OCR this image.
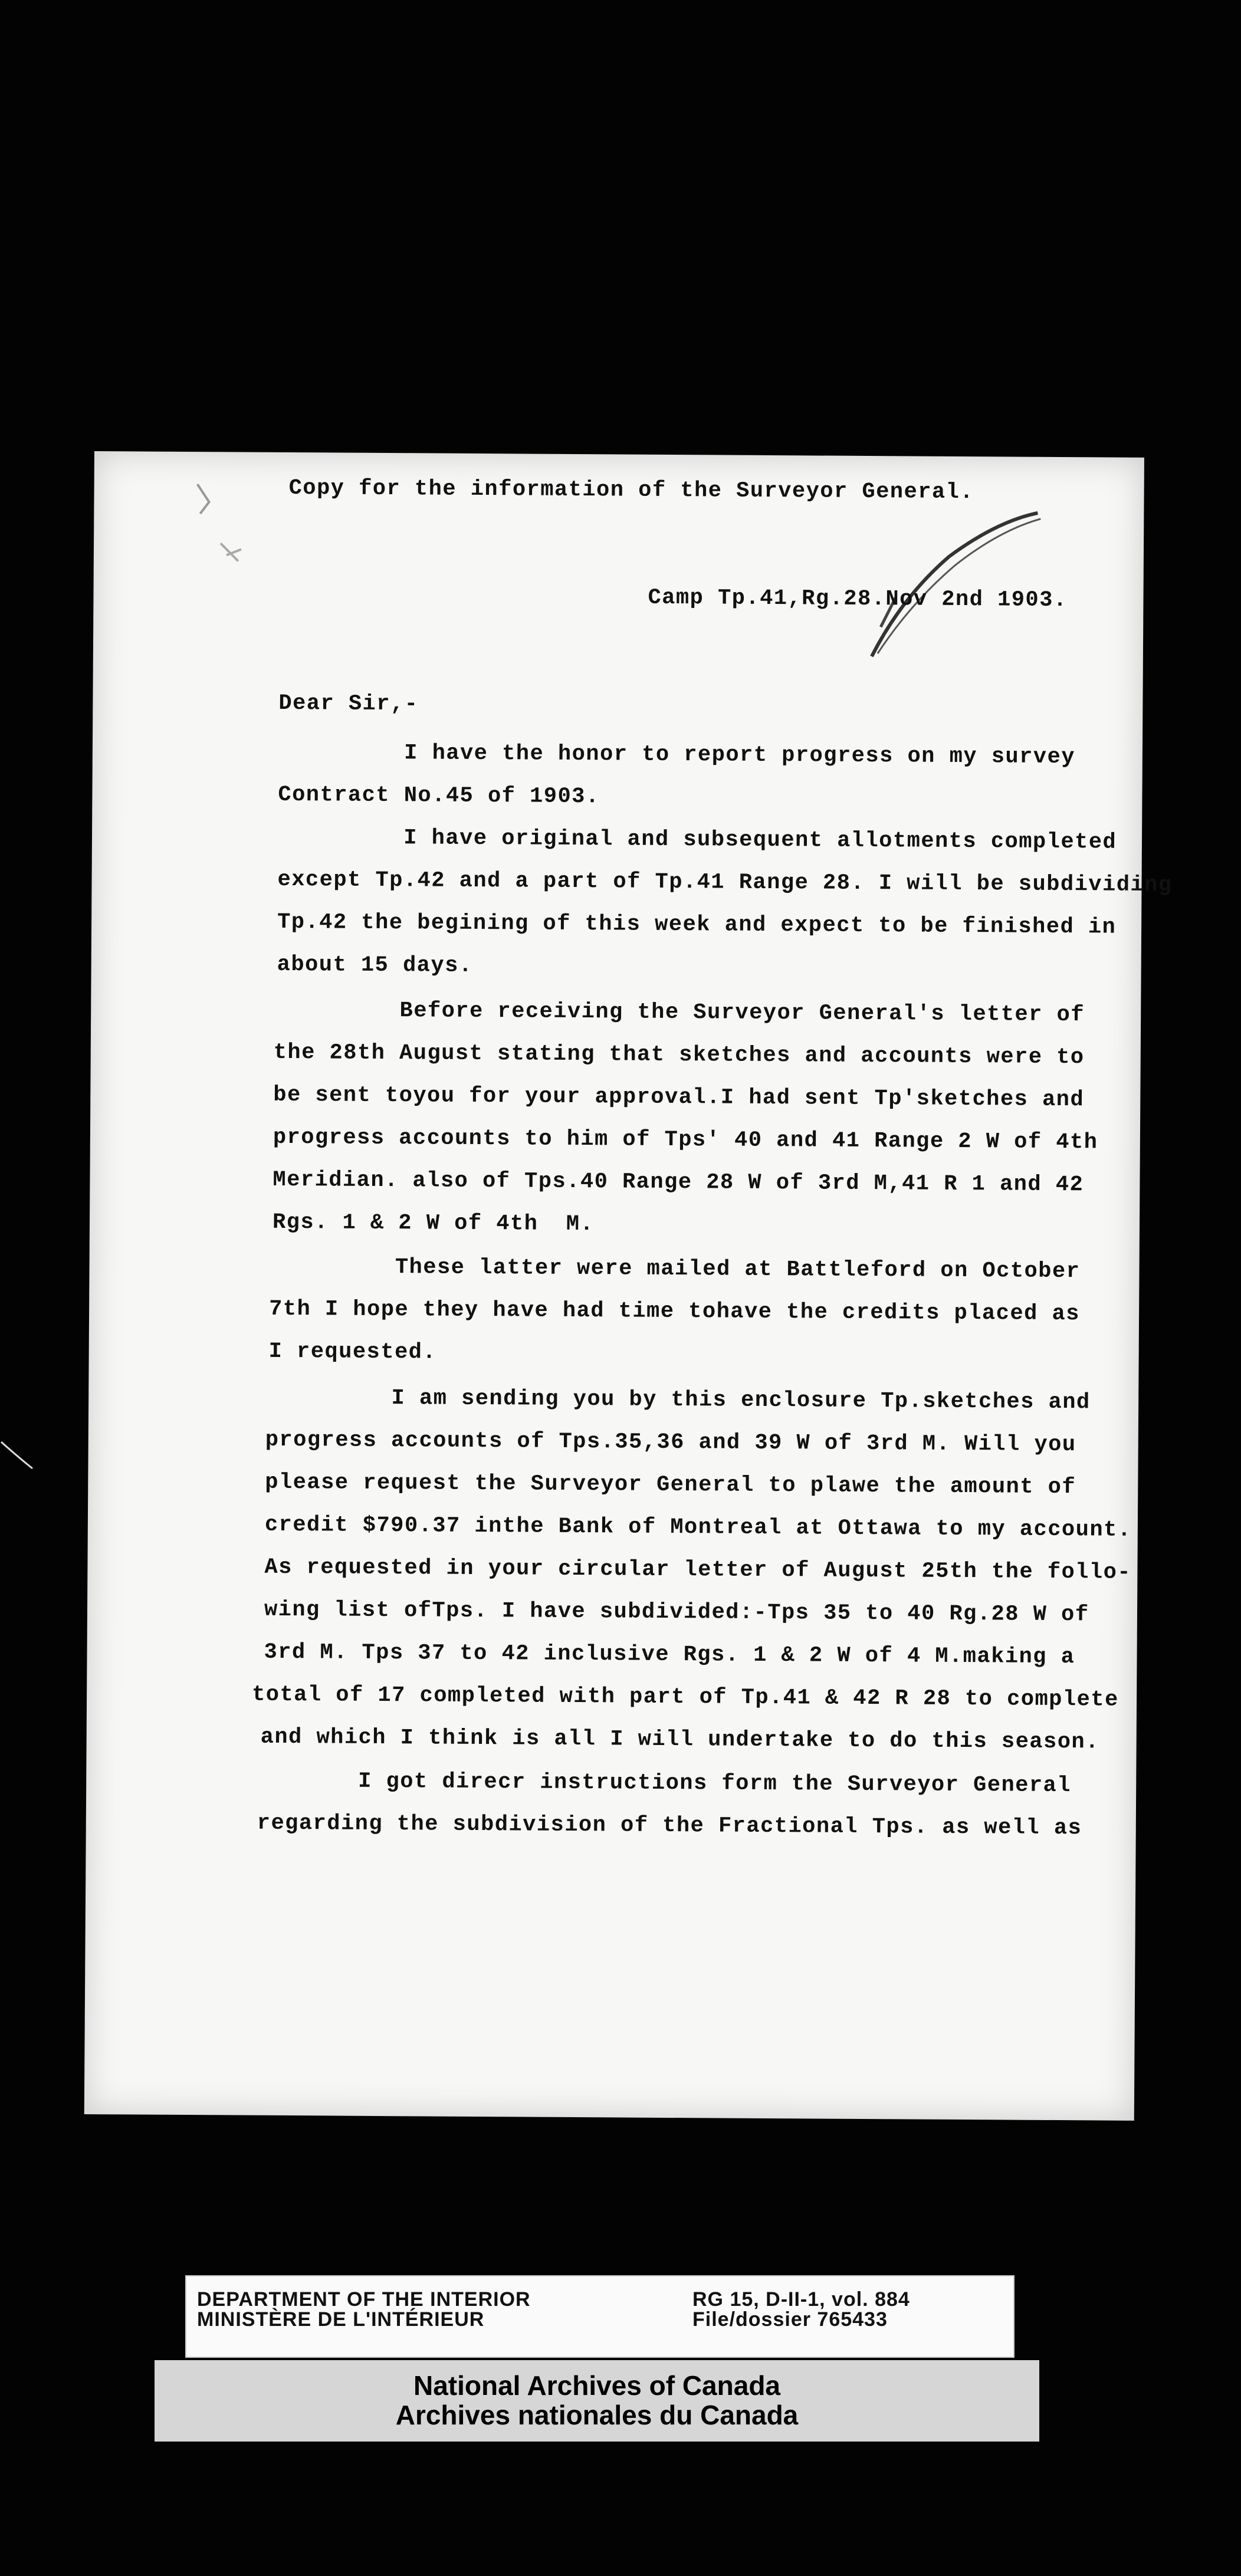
Copy for the information of the Surveyor General.
Camp Tp.41,Rg.28.Nov 2nd 1903.
Dear Sir,-
I have the honor to report progress on my survey
Contract No.45 of 1903.
I have original and subsequent allotments completed
except Tp.42 and a part of Tp.41 Range 28. I will be subdividing
Tp.42 the begining of this week and expect to be finished in
about 15 days.
Before receiving the Surveyor General's letter of
the 28th August stating that sketches and accounts were to
be sent toyou for your approval.I had sent Tp'sketches and
progress accounts to him of Tps' 40 and 41 Range 2 W of 4th
Meridian. also of Tps.40 Range 28 W of 3rd M,41 R 1 and 42
Rgs. 1 & 2 W of 4th  M.
These latter were mailed at Battleford on October
7th I hope they have had time tohave the credits placed as
I requested.
I am sending you by this enclosure Tp.sketches and
progress accounts of Tps.35,36 and 39 W of 3rd M. Will you
please request the Surveyor General to plawe the amount of
credit $790.37 inthe Bank of Montreal at Ottawa to my account.
As requested in your circular letter of August 25th the follo-
wing list ofTps. I have subdivided:-Tps 35 to 40 Rg.28 W of
3rd M. Tps 37 to 42 inclusive Rgs. 1 & 2 W of 4 M.making a
total of 17 completed with part of Tp.41 & 42 R 28 to complete
and which I think is all I will undertake to do this season.
I got direcr instructions form the Surveyor General
regarding the subdivision of the Fractional Tps. as well as
DEPARTMENT OF THE INTERIOR
MINISTÈRE DE L'INTÉRIEUR
RG 15, D-II-1, vol. 884
File/dossier 765433
National Archives of Canada
Archives nationales du Canada
